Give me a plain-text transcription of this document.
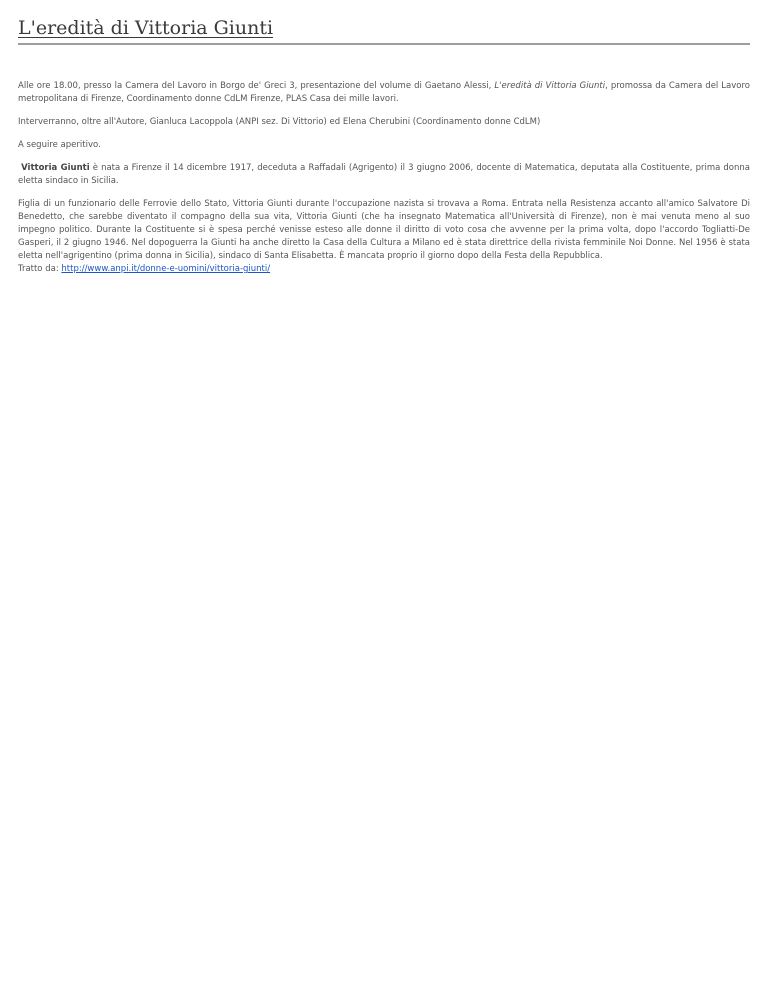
L'eredità di Vittoria Giunti

Alle ore 18.00, presso la Camera del Lavoro in Borgo de' Greci 3, presentazione del volume di Gaetano Alessi, L'eredità di Vittoria Giunti, promossa da Camera del Lavoro metropolitana di Firenze, Coordinamento donne CdLM Firenze, PLAS Casa dei mille lavori.

Interverranno, oltre all'Autore, Gianluca Lacoppola (ANPI sez. Di Vittorio) ed Elena Cherubini (Coordinamento donne CdLM)

A seguire aperitivo.

Vittoria Giunti è nata a Firenze il 14 dicembre 1917, deceduta a Raffadali (Agrigento) il 3 giugno 2006, docente di Matematica, deputata alla Costituente, prima donna eletta sindaco in Sicilia.

Figlia di un funzionario delle Ferrovie dello Stato, Vittoria Giunti durante l'occupazione nazista si trovava a Roma. Entrata nella Resistenza accanto all'amico Salvatore Di Benedetto, che sarebbe diventato il compagno della sua vita, Vittoria Giunti (che ha insegnato Matematica all'Università di Firenze), non è mai venuta meno al suo impegno politico. Durante la Costituente si è spesa perché venisse esteso alle donne il diritto di voto cosa che avvenne per la prima volta, dopo l'accordo Togliatti-De Gasperi, il 2 giugno 1946. Nel dopoguerra la Giunti ha anche diretto la Casa della Cultura a Milano ed è stata direttrice della rivista femminile Noi Donne. Nel 1956 è stata eletta nell'agrigentino (prima donna in Sicilia), sindaco di Santa Elisabetta. È mancata proprio il giorno dopo della Festa della Repubblica.
Tratto da: http://www.anpi.it/donne-e-uomini/vittoria-giunti/
